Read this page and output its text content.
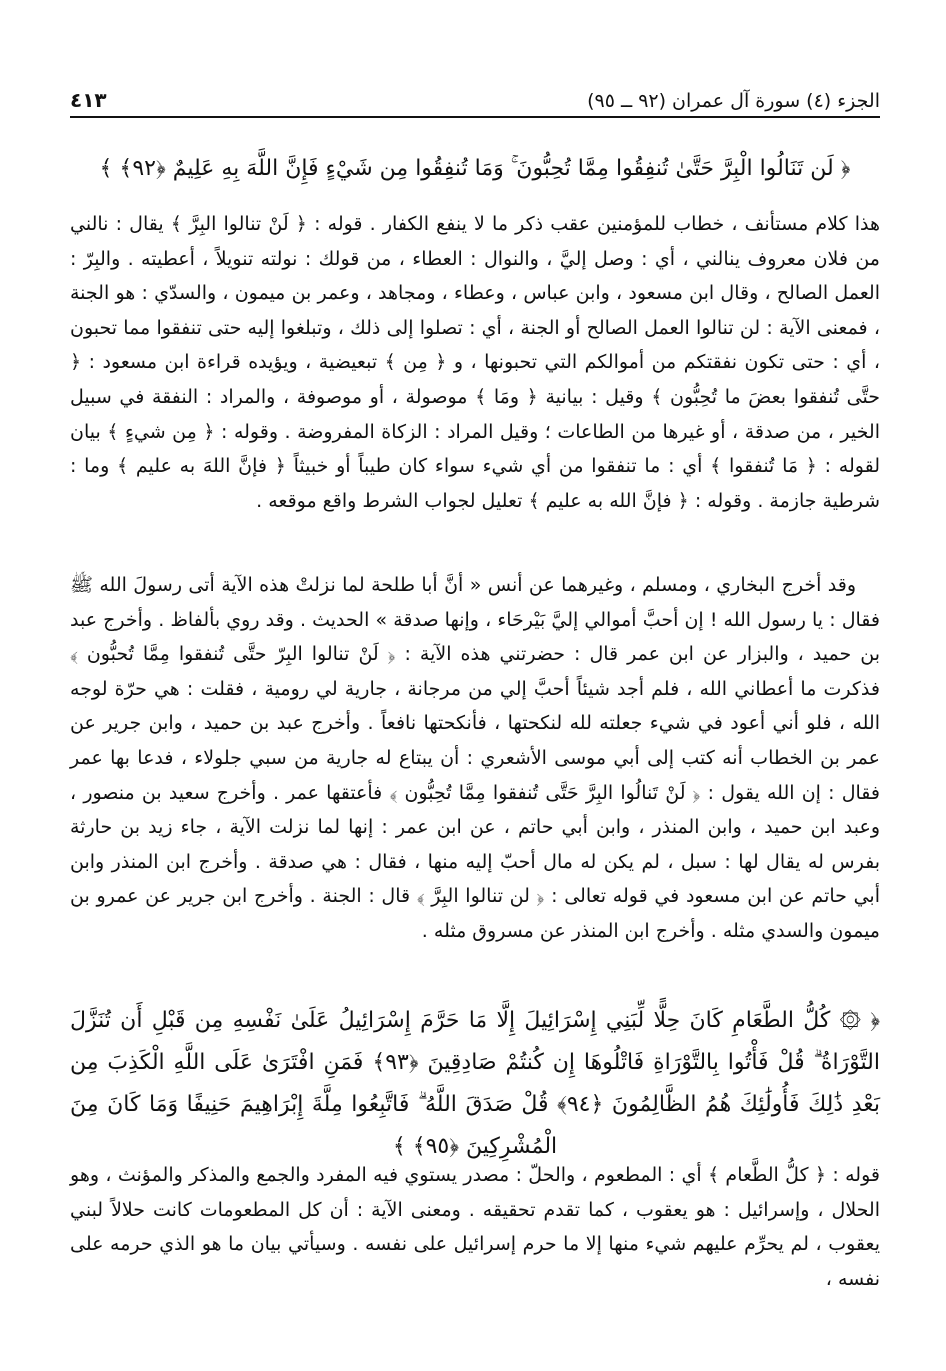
الجزء (٤) سورة آل عمران (٩٢ ــ ٩٥)
٤١٣
﴿ لَن تَنَالُوا الْبِرَّ حَتَّىٰ تُنفِقُوا مِمَّا تُحِبُّونَ ۚ وَمَا تُنفِقُوا مِن شَيْءٍ فَإِنَّ اللَّهَ بِهِ عَلِيمٌ ﴿٩٢﴾ ﴾
هذا كلام مستأنف ، خطاب للمؤمنين عقب ذكر ما لا ينفع الكفار . قوله : ﴿ لَنْ تنالوا البِرَّ ﴾ يقال : نالني من فلان معروف ينالني ، أي : وصل إليَّ ، والنوال : العطاء ، من قولك : نولته تنويلاً ، أعطيته . والبِرّ : العمل الصالح ، وقال ابن مسعود ، وابن عباس ، وعطاء ، ومجاهد ، وعمر بن ميمون ، والسدّي : هو الجنة ، فمعنى الآية : لن تنالوا العمل الصالح أو الجنة ، أي : تصلوا إلى ذلك ، وتبلغوا إليه حتى تنفقوا مما تحبون ، أي : حتى تكون نفقتكم من أموالكم التي تحبونها ، و ﴿ مِن ﴾ تبعيضية ، ويؤيده قراءة ابن مسعود : ﴿ حتَّى تُنفقوا بعضَ ما تُحِبُّون ﴾ وقيل : بيانية ﴿ ومَا ﴾ موصولة ، أو موصوفة ، والمراد : النفقة في سبيل الخير ، من صدقة ، أو غيرها من الطاعات ؛ وقيل المراد : الزكاة المفروضة . وقوله : ﴿ مِن شيءٍ ﴾ بيان لقوله : ﴿ مَا تُنفقوا ﴾ أي : ما تنفقوا من أي شيء سواء كان طيباً أو خبيثاً ﴿ فإنَّ اللهَ به عليم ﴾ وما : شرطية جازمة . وقوله : ﴿ فإنَّ الله به عليم ﴾ تعليل لجواب الشرط واقع موقعه .
وقد أخرج البخاري ، ومسلم ، وغيرهما عن أنس « أنَّ أبا طلحة لما نزلتْ هذه الآية أتى رسولَ الله ﷺ فقال : يا رسول الله ! إن أحبَّ أموالي إليَّ بَيْرحَاء ، وإنها صدقة » الحديث . وقد روي بألفاظ . وأخرج عبد بن حميد ، والبزار عن ابن عمر قال : حضرتني هذه الآية : ﴿ لَنْ تنالوا البِرّ حتَّى تُنفقوا مِمَّا تُحبُّون ﴾ فذكرت ما أعطاني الله ، فلم أجد شيئاً أحبَّ إلي من مرجانة ، جارية لي رومية ، فقلت : هي حرّة لوجه الله ، فلو أني أعود في شيء جعلته لله لنكحتها ، فأنكحتها نافعاً . وأخرج عبد بن حميد ، وابن جرير عن عمر بن الخطاب أنه كتب إلى أبي موسى الأشعري : أن يبتاع له جارية من سبي جلولاء ، فدعا بها عمر فقال : إن الله يقول : ﴿ لَنْ تَنالُوا البِرَّ حَتَّى تُنفقوا مِمَّا تُحِبُّون ﴾ فأعتقها عمر . وأخرج سعيد بن منصور ، وعبد ابن حميد ، وابن المنذر ، وابن أبي حاتم ، عن ابن عمر : إنها لما نزلت الآية ، جاء زيد بن حارثة بفرس له يقال لها : سبل ، لم يكن له مال أحبّ إليه منها ، فقال : هي صدقة . وأخرج ابن المنذر وابن أبي حاتم عن ابن مسعود في قوله تعالى : ﴿ لن تنالوا البِرَّ ﴾ قال : الجنة . وأخرج ابن جرير عن عمرو بن ميمون والسدي مثله . وأخرج ابن المنذر عن مسروق مثله .
﴿ ۞ كُلُّ الطَّعَامِ كَانَ حِلًّا لِّبَنِي إِسْرَائِيلَ إِلَّا مَا حَرَّمَ إِسْرَائِيلُ عَلَىٰ نَفْسِهِ مِن قَبْلِ أَن تُنَزَّلَ التَّوْرَاةُ ۗ قُلْ فَأْتُوا بِالتَّوْرَاةِ فَاتْلُوهَا إِن كُنتُمْ صَادِقِينَ ﴿٩٣﴾ فَمَنِ افْتَرَىٰ عَلَى اللَّهِ الْكَذِبَ مِن بَعْدِ ذَٰلِكَ فَأُولَٰئِكَ هُمُ الظَّالِمُونَ ﴿٩٤﴾ قُلْ صَدَقَ اللَّهُ ۗ فَاتَّبِعُوا مِلَّةَ إِبْرَاهِيمَ حَنِيفًا وَمَا كَانَ مِنَ الْمُشْرِكِينَ ﴿٩٥﴾ ﴾
قوله : ﴿ كلُّ الطَّعام ﴾ أي : المطعوم ، والحلّ : مصدر يستوي فيه المفرد والجمع والمذكر والمؤنث ، وهو الحلال ، وإسرائيل : هو يعقوب ، كما تقدم تحقيقه . ومعنى الآية : أن كل المطعومات كانت حلالاً لبني يعقوب ، لم يحرِّم عليهم شيء منها إلا ما حرم إسرائيل على نفسه . وسيأتي بيان ما هو الذي حرمه على نفسه ،
